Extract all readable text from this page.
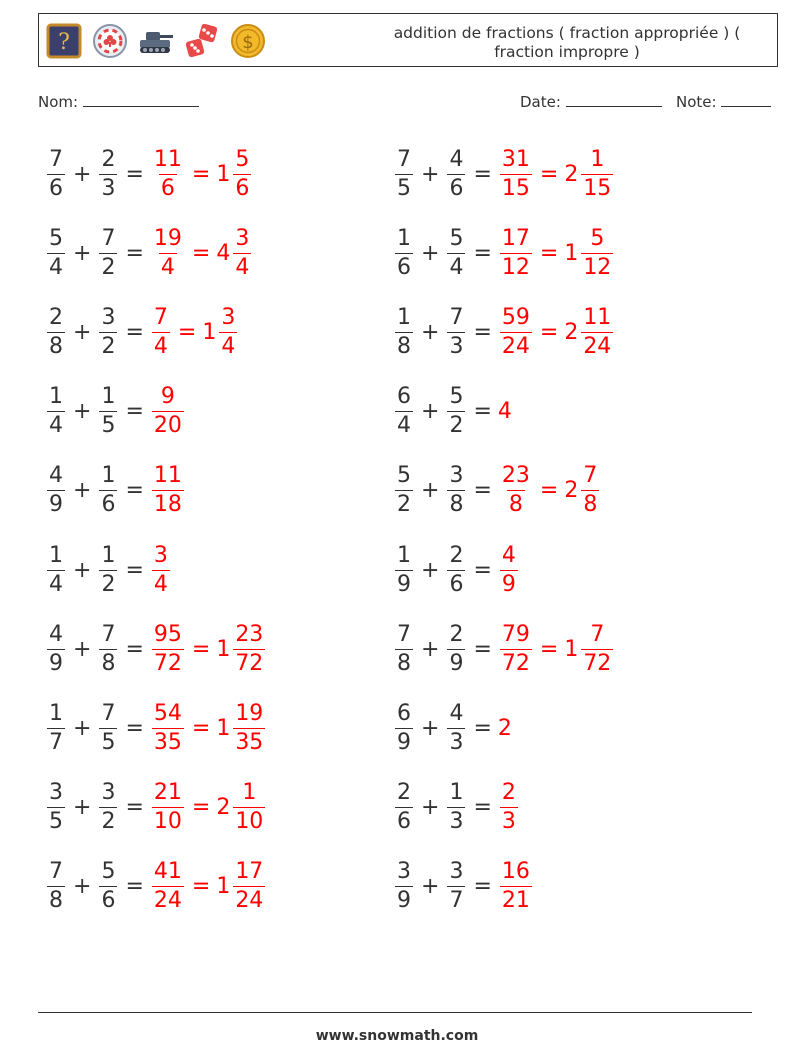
?	$	addition de fractions ( fraction appropriée ) ( fraction impropre )
Nom:	Date:	Note:
$\frac{7}{6} + \frac{2}{3} = \frac{11}{6} = 1 \frac{5}{6}$	$\frac{7}{5} + \frac{4}{6} = \frac{31}{15} = 2 \frac{1}{15}$
$\frac{5}{4} + \frac{7}{2} = \frac{19}{4} = 4 \frac{3}{4}$	$\frac{1}{6} + \frac{5}{4} = \frac{17}{12} = 1 \frac{5}{12}$
$\frac{2}{8} + \frac{3}{2} = \frac{7}{4} = 1 \frac{3}{4}$	$\frac{1}{8} + \frac{7}{3} = \frac{59}{24} = 2 \frac{11}{24}$
$\frac{1}{4} + \frac{1}{5} = \frac{9}{20}$	$\frac{6}{4} + \frac{5}{2} = 4$
$\frac{4}{9} + \frac{1}{6} = \frac{11}{18}$	$\frac{5}{2} + \frac{3}{8} = \frac{23}{8} = 2 \frac{7}{8}$
$\frac{1}{4} + \frac{1}{2} = \frac{3}{4}$	$\frac{1}{9} + \frac{2}{6} = \frac{4}{9}$
$\frac{4}{9} + \frac{7}{8} = \frac{95}{72} = 1 \frac{23}{72}$	$\frac{7}{8} + \frac{2}{9} = \frac{79}{72} = 1 \frac{7}{72}$
$\frac{1}{7} + \frac{7}{5} = \frac{54}{35} = 1 \frac{19}{35}$	$\frac{6}{9} + \frac{4}{3} = 2$
$\frac{3}{5} + \frac{3}{2} = \frac{21}{10} = 2 \frac{1}{10}$	$\frac{2}{6} + \frac{1}{3} = \frac{2}{3}$
$\frac{7}{8} + \frac{5}{6} = \frac{41}{24} = 1 \frac{17}{24}$	$\frac{3}{9} + \frac{3}{7} = \frac{16}{21}$
www.snowmath.com
